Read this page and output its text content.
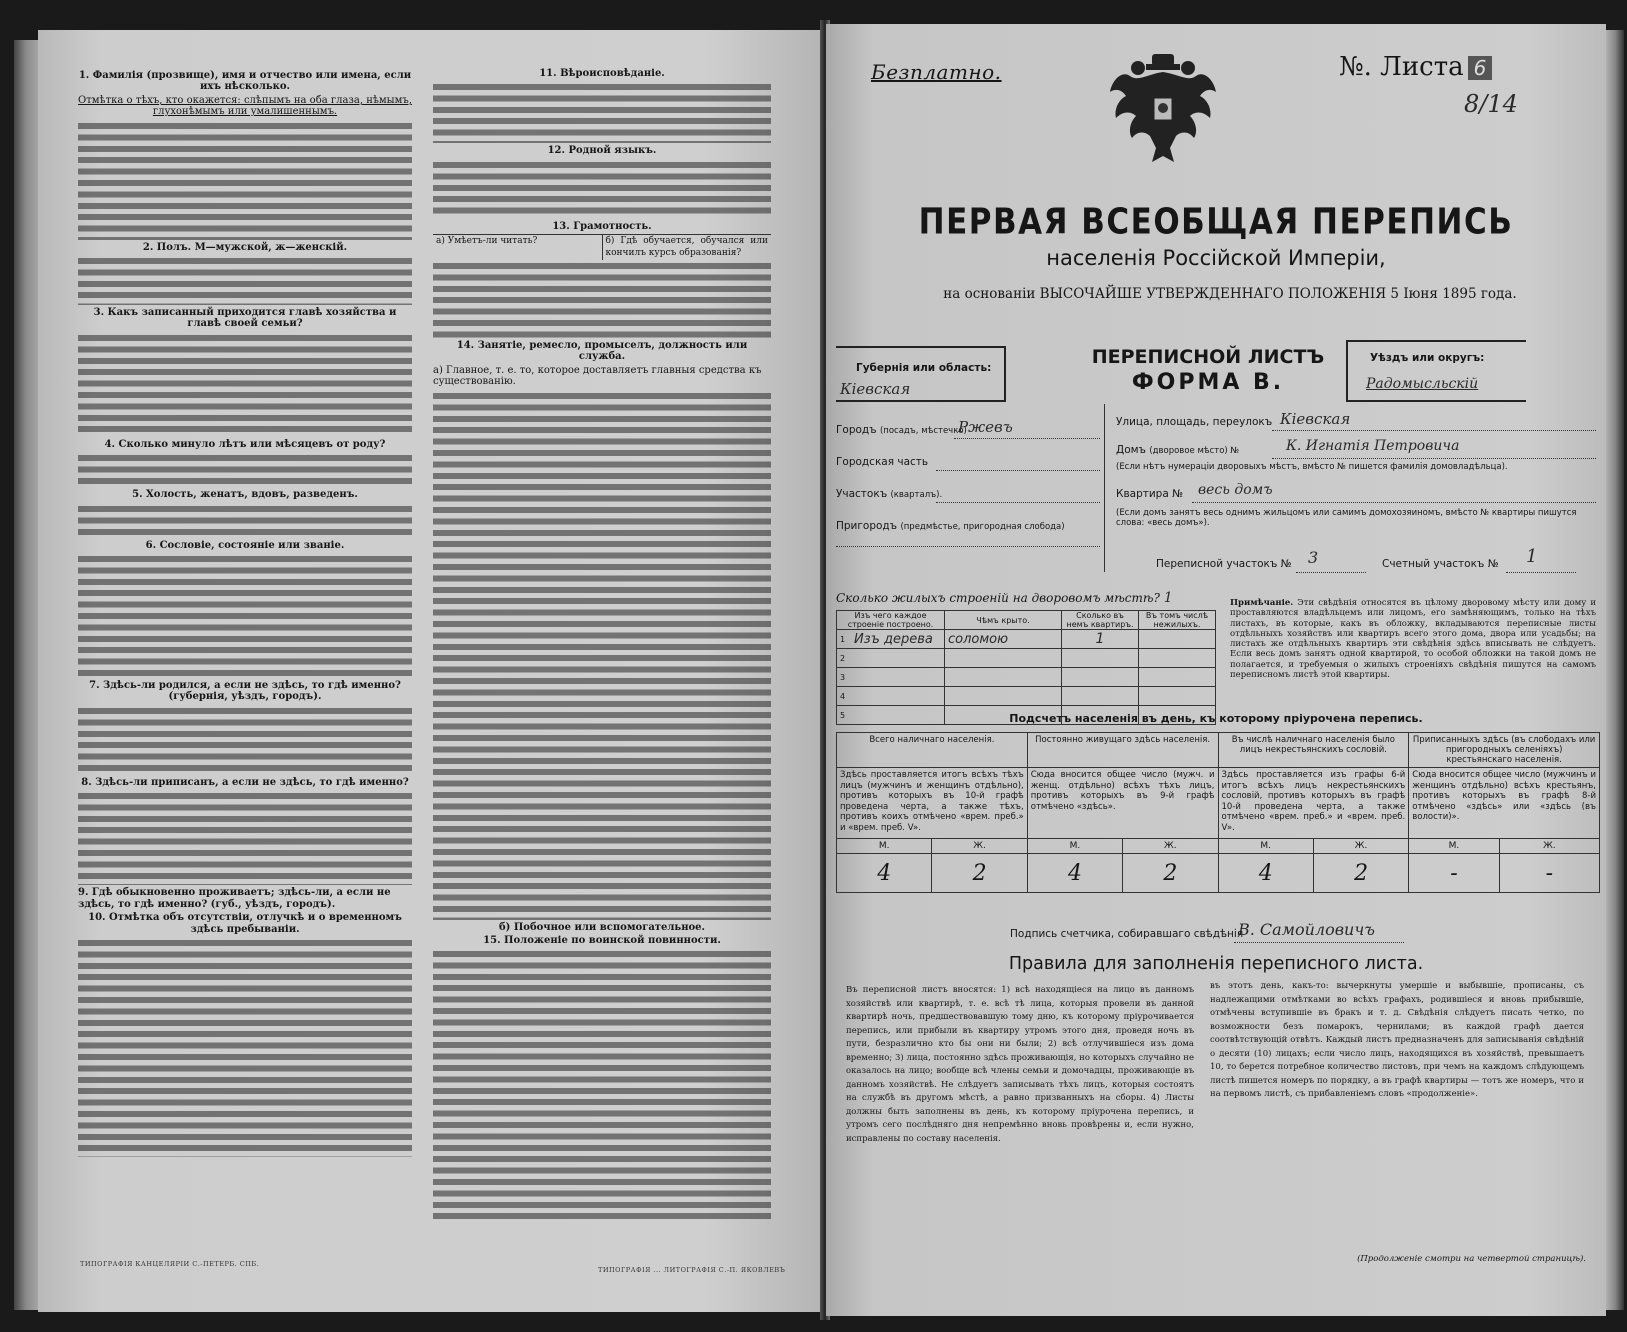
1. Фамилія (прозвище), имя и отчество или имена, если ихъ нѣсколько.
Отмѣтка о тѣхъ, кто окажется: слѣпымъ на оба глаза, нѣмымъ, глухонѣмымъ или умалишеннымъ.
2. Полъ. М—мужской, ж—женскій.
3. Какъ записанный приходится главѣ хозяйства и главѣ своей семьи?
4. Сколько минуло лѣтъ или мѣсяцевъ от роду?
5. Холость, женатъ, вдовъ, разведенъ.
6. Сословіе, состояніе или званіе.
7. Здѣсь-ли родился, а если не здѣсь, то гдѣ именно? (губернія, уѣздъ, городъ).
8. Здѣсь-ли приписанъ, а если не здѣсь, то гдѣ именно?
9. Гдѣ обыкновенно проживаетъ; здѣсь-ли, а если не здѣсь, то гдѣ именно? (губ., уѣздъ, городъ).
10. Отмѣтка объ отсутствіи, отлучкѣ и о временномъ здѣсь пребываніи.
ТИПОГРАФІЯ КАНЦЕЛЯРІИ С.-ПЕТЕРБ. СПБ.
11. Вѣроисповѣданіе.
12. Родной языкъ.
13. Грамотность.
а) Умѣетъ-ли читать?	б) Гдѣ обучается, обучался или кончилъ курсъ образованія?
14. Занятіе, ремесло, промыселъ, должность или служба.
а) Главное, т. е. то, которое доставляетъ главныя средства къ существованію.
б) Побочное или вспомогательное.
15. Положеніе по воинской повинности.
ТИПОГРАФІЯ ... ЛИТОГРАФІЯ С.-П. ЯКОВЛЕВЪ
Безплатно.	№. Листа 6
8/14
ПЕРВАЯ ВСЕОБЩАЯ ПЕРЕПИСЬ
населенія Россійской Имперіи,
на основаніи ВЫСОЧАЙШЕ УТВЕРЖДЕННАГО ПОЛОЖЕНІЯ 5 Іюня 1895 года.
Губернія или область:
Кіевская
ПЕРЕПИСНОЙ ЛИСТЪ
ФОРМА В.
Уѣздъ или округъ:
Радомысльскій
Городъ (посадъ, мѣстечко)
Ржевъ
Городская часть
Участокъ (кварталъ).
Пригородъ (предмѣстье, пригородная слобода)
Улица, площадь, переулокъ Кіевская
Домъ (дворовое мѣсто) №	К. Игнатія Петровича
(Если нѣтъ нумераціи дворовыхъ мѣстъ, вмѣсто № пишется фамилія домовладѣльца).
Квартира № весь домъ
(Если домъ занятъ весь однимъ жильцомъ или самимъ домохозяиномъ, вмѣсто № квартиры пишутся слова: «весь домъ»).
Переписной участокъ № 3	Счетный участокъ № 1
Сколько жилыхъ строеній на дворовомъ мѣстѣ? 1
Изъ чего каждое строеніе построено.		Чѣмъ крыто.	Сколько въ немъ квартиръ.	Въ томъ числѣ нежилыхъ.
1	Изъ дерева	соломою	1	
2				
3				
4				
5				
Примѣчаніе. Эти свѣдѣнія относятся въ цѣлому дворовому мѣсту или дому и проставляются владѣльцемъ или лицомъ, его замѣняющимъ, только на тѣхъ листахъ, въ которые, какъ въ обложку, вкладываются переписные листы отдѣльныхъ хозяйствъ или квартиръ всего этого дома, двора или усадьбы; на листахъ же отдѣльныхъ квартиръ эти свѣдѣнія здѣсь вписывать не слѣдуетъ. Если весь домъ занятъ одной квартирой, то особой обложки на такой домъ не полагается, и требуемыя о жилыхъ строеніяхъ свѣдѣнія пишутся на самомъ переписномъ листѣ этой квартиры.
Подсчетъ населенія въ день, къ которому пріурочена перепись.
Всего наличнаго населенія.		Постоянно живущаго здѣсь населенія.		Въ числѣ наличнаго населенія было лицъ некрестьянскихъ сословій.		Приписанныхъ здѣсь (въ слободахъ или пригородныхъ селеніяхъ) крестьянскаго населенія.	
Здѣсь проставляется итогъ всѣхъ тѣхъ лицъ (мужчинъ и женщинъ отдѣльно), противъ которыхъ въ 10-й графѣ проведена черта, а также тѣхъ, противъ коихъ отмѣчено «врем. преб.» и «врем. преб. V».		Сюда вносится общее число (мужч. и женщ. отдѣльно) всѣхъ тѣхъ лицъ, противъ которыхъ въ 9-й графѣ отмѣчено «здѣсь».		Здѣсь проставляется изъ графы 6-й итогъ всѣхъ лицъ некрестьянскихъ сословій, противъ которыхъ въ графѣ 10-й проведена черта, а также отмѣчено «врем. преб.» и «врем. преб. V».		Сюда вносится общее число (мужчинъ и женщинъ отдѣльно) всѣхъ крестьянъ, противъ которыхъ въ графѣ 8-й отмѣчено «здѣсь» или «здѣсь (въ волости)».	
М.	Ж.	М.	Ж.	М.	Ж.	М.	Ж.
4	2	4	2	4	2	-	-
Подпись счетчика, собиравшаго свѣдѣнія
В. Самойловичъ
Правила для заполненія переписного листа.
Въ переписной листъ вносятся: 1) всѣ находящіеся на лицо въ данномъ хозяйствѣ или квартирѣ, т. е. всѣ тѣ лица, которыя провели въ данной квартирѣ ночь, предшествовавшую тому дню, къ которому пріурочивается перепись, или прибыли въ квартиру утромъ этого дня, проведя ночь въ пути, безразлично кто бы они ни были; 2) всѣ отлучившіеся изъ дома временно; 3) лица, постоянно здѣсь проживающія, но которыхъ случайно не оказалось на лицо; вообще всѣ члены семьи и домочадцы, проживающіе въ данномъ хозяйствѣ. Не слѣдуетъ записывать тѣхъ лицъ, которыя состоятъ на службѣ въ другомъ мѣстѣ, а равно призванныхъ на сборы. 4) Листы должны быть заполнены въ день, къ которому пріурочена перепись, и утромъ сего послѣдняго дня непремѣнно вновь провѣрены и, если нужно, исправлены по составу населенія.
въ этотъ день, какъ-то: вычеркнуты умершіе и выбывшіе, прописаны, съ надлежащими отмѣтками во всѣхъ графахъ, родившіеся и вновь прибывшіе, отмѣчены вступившіе въ бракъ и т. д. Свѣдѣнія слѣдуетъ писать четко, по возможности безъ помарокъ, чернилами; въ каждой графѣ дается соотвѣтствующій отвѣтъ. Каждый листъ предназначенъ для записыванія свѣдѣній о десяти (10) лицахъ; если число лицъ, находящихся въ хозяйствѣ, превышаетъ 10, то берется потребное количество листовъ, при чемъ на каждомъ слѣдующемъ листѣ пишется номеръ по порядку, а въ графѣ квартиры — тотъ же номеръ, что и на первомъ листѣ, съ прибавленіемъ словъ «продолженіе».
(Продолженіе смотри на четвертой страницѣ).
